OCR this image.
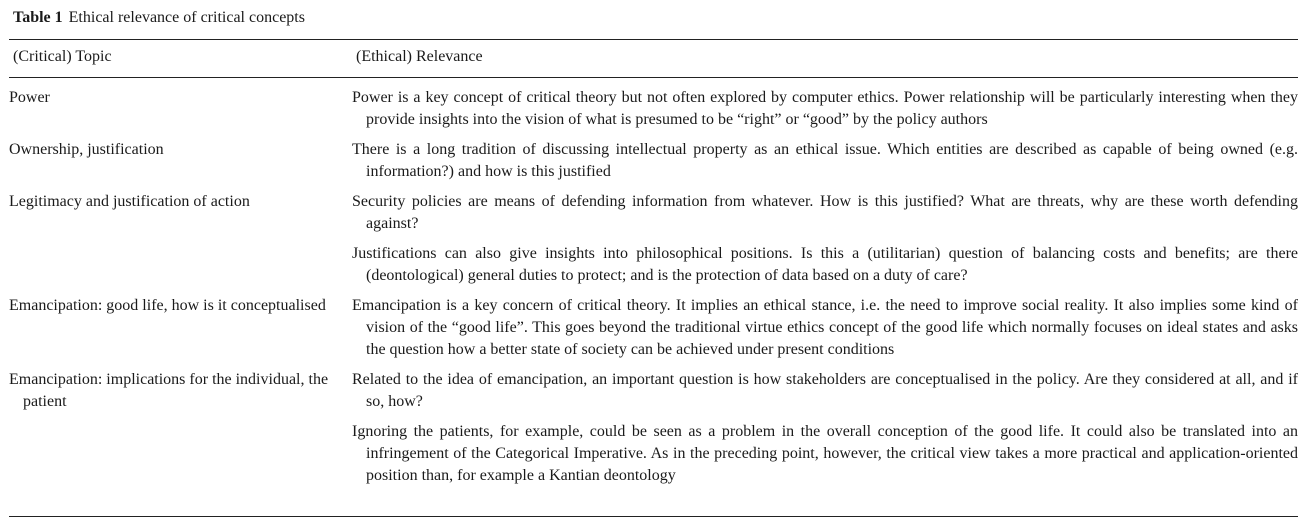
Table 1 Ethical relevance of critical concepts
(Critical) Topic	(Ethical) Relevance
Power	Power is a key concept of critical theory but not often explored by computer ethics. Power relationship will be particularly interesting when they provide insights into the vision of what is presumed to be “right” or “good” by the policy authors

Ownership, justification	There is a long tradition of discussing intellectual property as an ethical issue. Which entities are described as capable of being owned (e.g. information?) and how is this justified

Legitimacy and justification of action	Security policies are means of defending information from whatever. How is this justified? What are threats, why are these worth defending against?

Justifications can also give insights into philosophical positions. Is this a (utilitarian) question of balancing costs and benefits; are there (deontological) general duties to protect; and is the protection of data based on a duty of care?

Emancipation: good life, how is it conceptualised	Emancipation is a key concern of critical theory. It implies an ethical stance, i.e. the need to improve social reality. It also implies some kind of vision of the “good life”. This goes beyond the traditional virtue ethics concept of the good life which normally focuses on ideal states and asks the question how a better state of society can be achieved under present conditions

Emancipation: implications for the individual, the patient	Related to the idea of emancipation, an important question is how stakeholders are conceptualised in the policy. Are they considered at all, and if so, how?

Ignoring the patients, for example, could be seen as a problem in the overall conception of the good life. It could also be translated into an infringement of the Categorical Imperative. As in the preceding point, however, the critical view takes a more practical and application-oriented position than, for example a Kantian deontology
